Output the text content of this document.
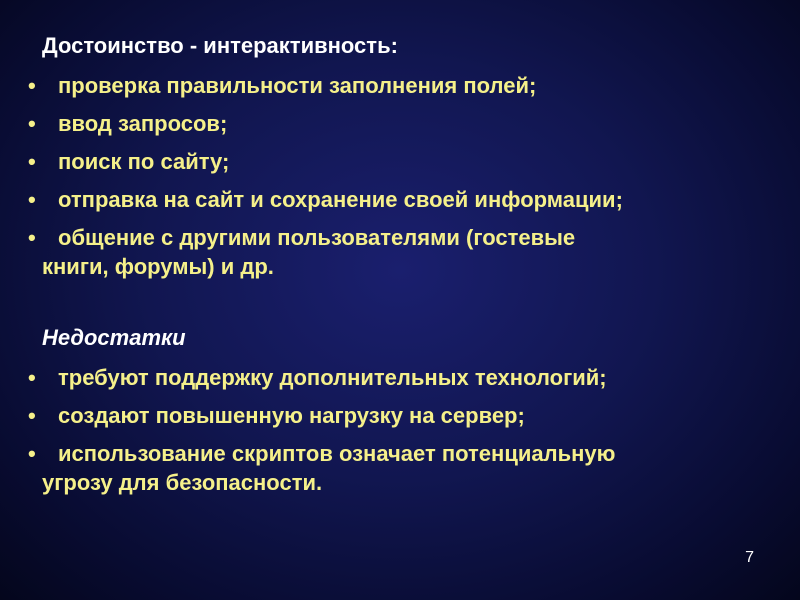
Достоинство - интерактивность:
• проверка правильности заполнения полей;
• ввод запросов;
• поиск по сайту;
• отправка на сайт и сохранение своей информации;
• общение с другими пользователями (гостевые
книги, форумы) и др.
Недостатки
• требуют поддержку дополнительных технологий;
• создают повышенную нагрузку на сервер;
• использование скриптов означает потенциальную
угрозу для безопасности.
7
